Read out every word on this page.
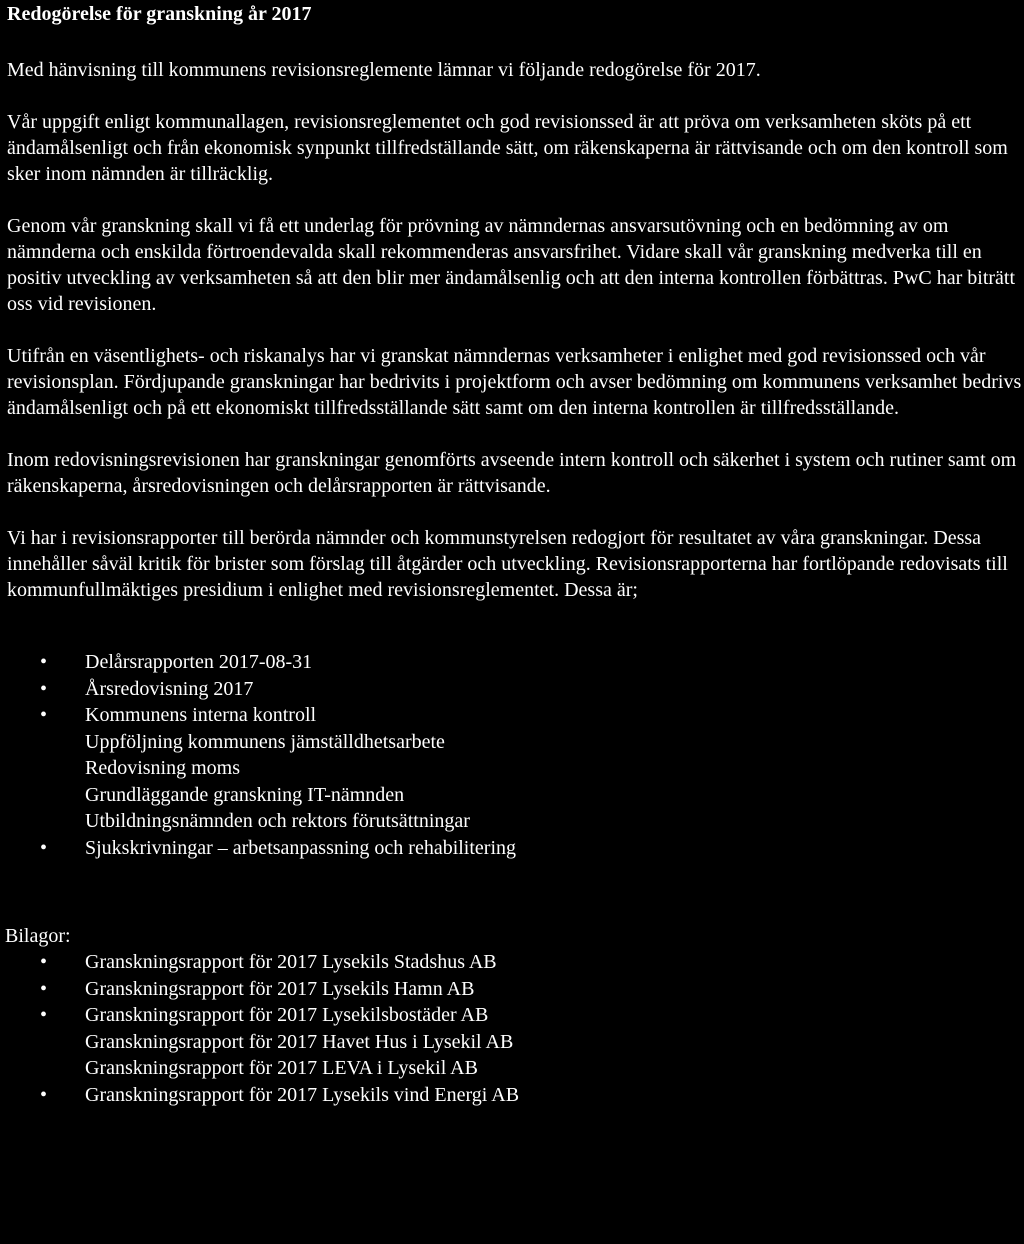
Redogörelse för granskning år 2017

Med hänvisning till kommunens revisionsreglemente lämnar vi följande redogörelse för 2017.

Vår uppgift enligt kommunallagen, revisionsreglementet och god revisionssed är att pröva om verksamheten sköts på ett ändamålsenligt och från ekonomisk synpunkt tillfredställande sätt, om räkenskaperna är rättvisande och om den kontroll som sker inom nämnden är tillräcklig.

Genom vår granskning skall vi få ett underlag för prövning av nämndernas ansvarsutövning och en bedömning av om nämnderna och enskilda förtroendevalda skall rekommenderas ansvarsfrihet. Vidare skall vår granskning medverka till en positiv utveckling av verksamheten så att den blir mer ändamålsenlig och att den interna kontrollen förbättras. PwC har biträtt oss vid revisionen.

Utifrån en väsentlighets- och riskanalys har vi granskat nämndernas verksamheter i enlighet med god revisionssed och vår revisionsplan. Fördjupande granskningar har bedrivits i projektform och avser bedömning om kommunens verksamhet bedrivs ändamålsenligt och på ett ekonomiskt tillfredsställande sätt samt om den interna kontrollen är tillfredsställande.

Inom redovisningsrevisionen har granskningar genomförts avseende intern kontroll och säkerhet i system och rutiner samt om räkenskaperna, årsredovisningen och delårsrapporten är rättvisande.

Vi har i revisionsrapporter till berörda nämnder och kommunstyrelsen redogjort för resultatet av våra granskningar. Dessa innehåller såväl kritik för brister som förslag till åtgärder och utveckling. Revisionsrapporterna har fortlöpande redovisats till kommunfullmäktiges presidium i enlighet med revisionsreglementet. Dessa är;

• Delårsrapporten 2017-08-31
• Årsredovisning 2017
• Kommunens interna kontroll
Uppföljning kommunens jämställdhetsarbete
Redovisning moms
Grundläggande granskning IT-nämnden
Utbildningsnämnden och rektors förutsättningar
• Sjukskrivningar – arbetsanpassning och rehabilitering
Bilagor:
• Granskningsrapport för 2017 Lysekils Stadshus AB
• Granskningsrapport för 2017 Lysekils Hamn AB
• Granskningsrapport för 2017 Lysekilsbostäder AB
Granskningsrapport för 2017 Havet Hus i Lysekil AB
Granskningsrapport för 2017 LEVA i Lysekil AB
• Granskningsrapport för 2017 Lysekils vind Energi AB
